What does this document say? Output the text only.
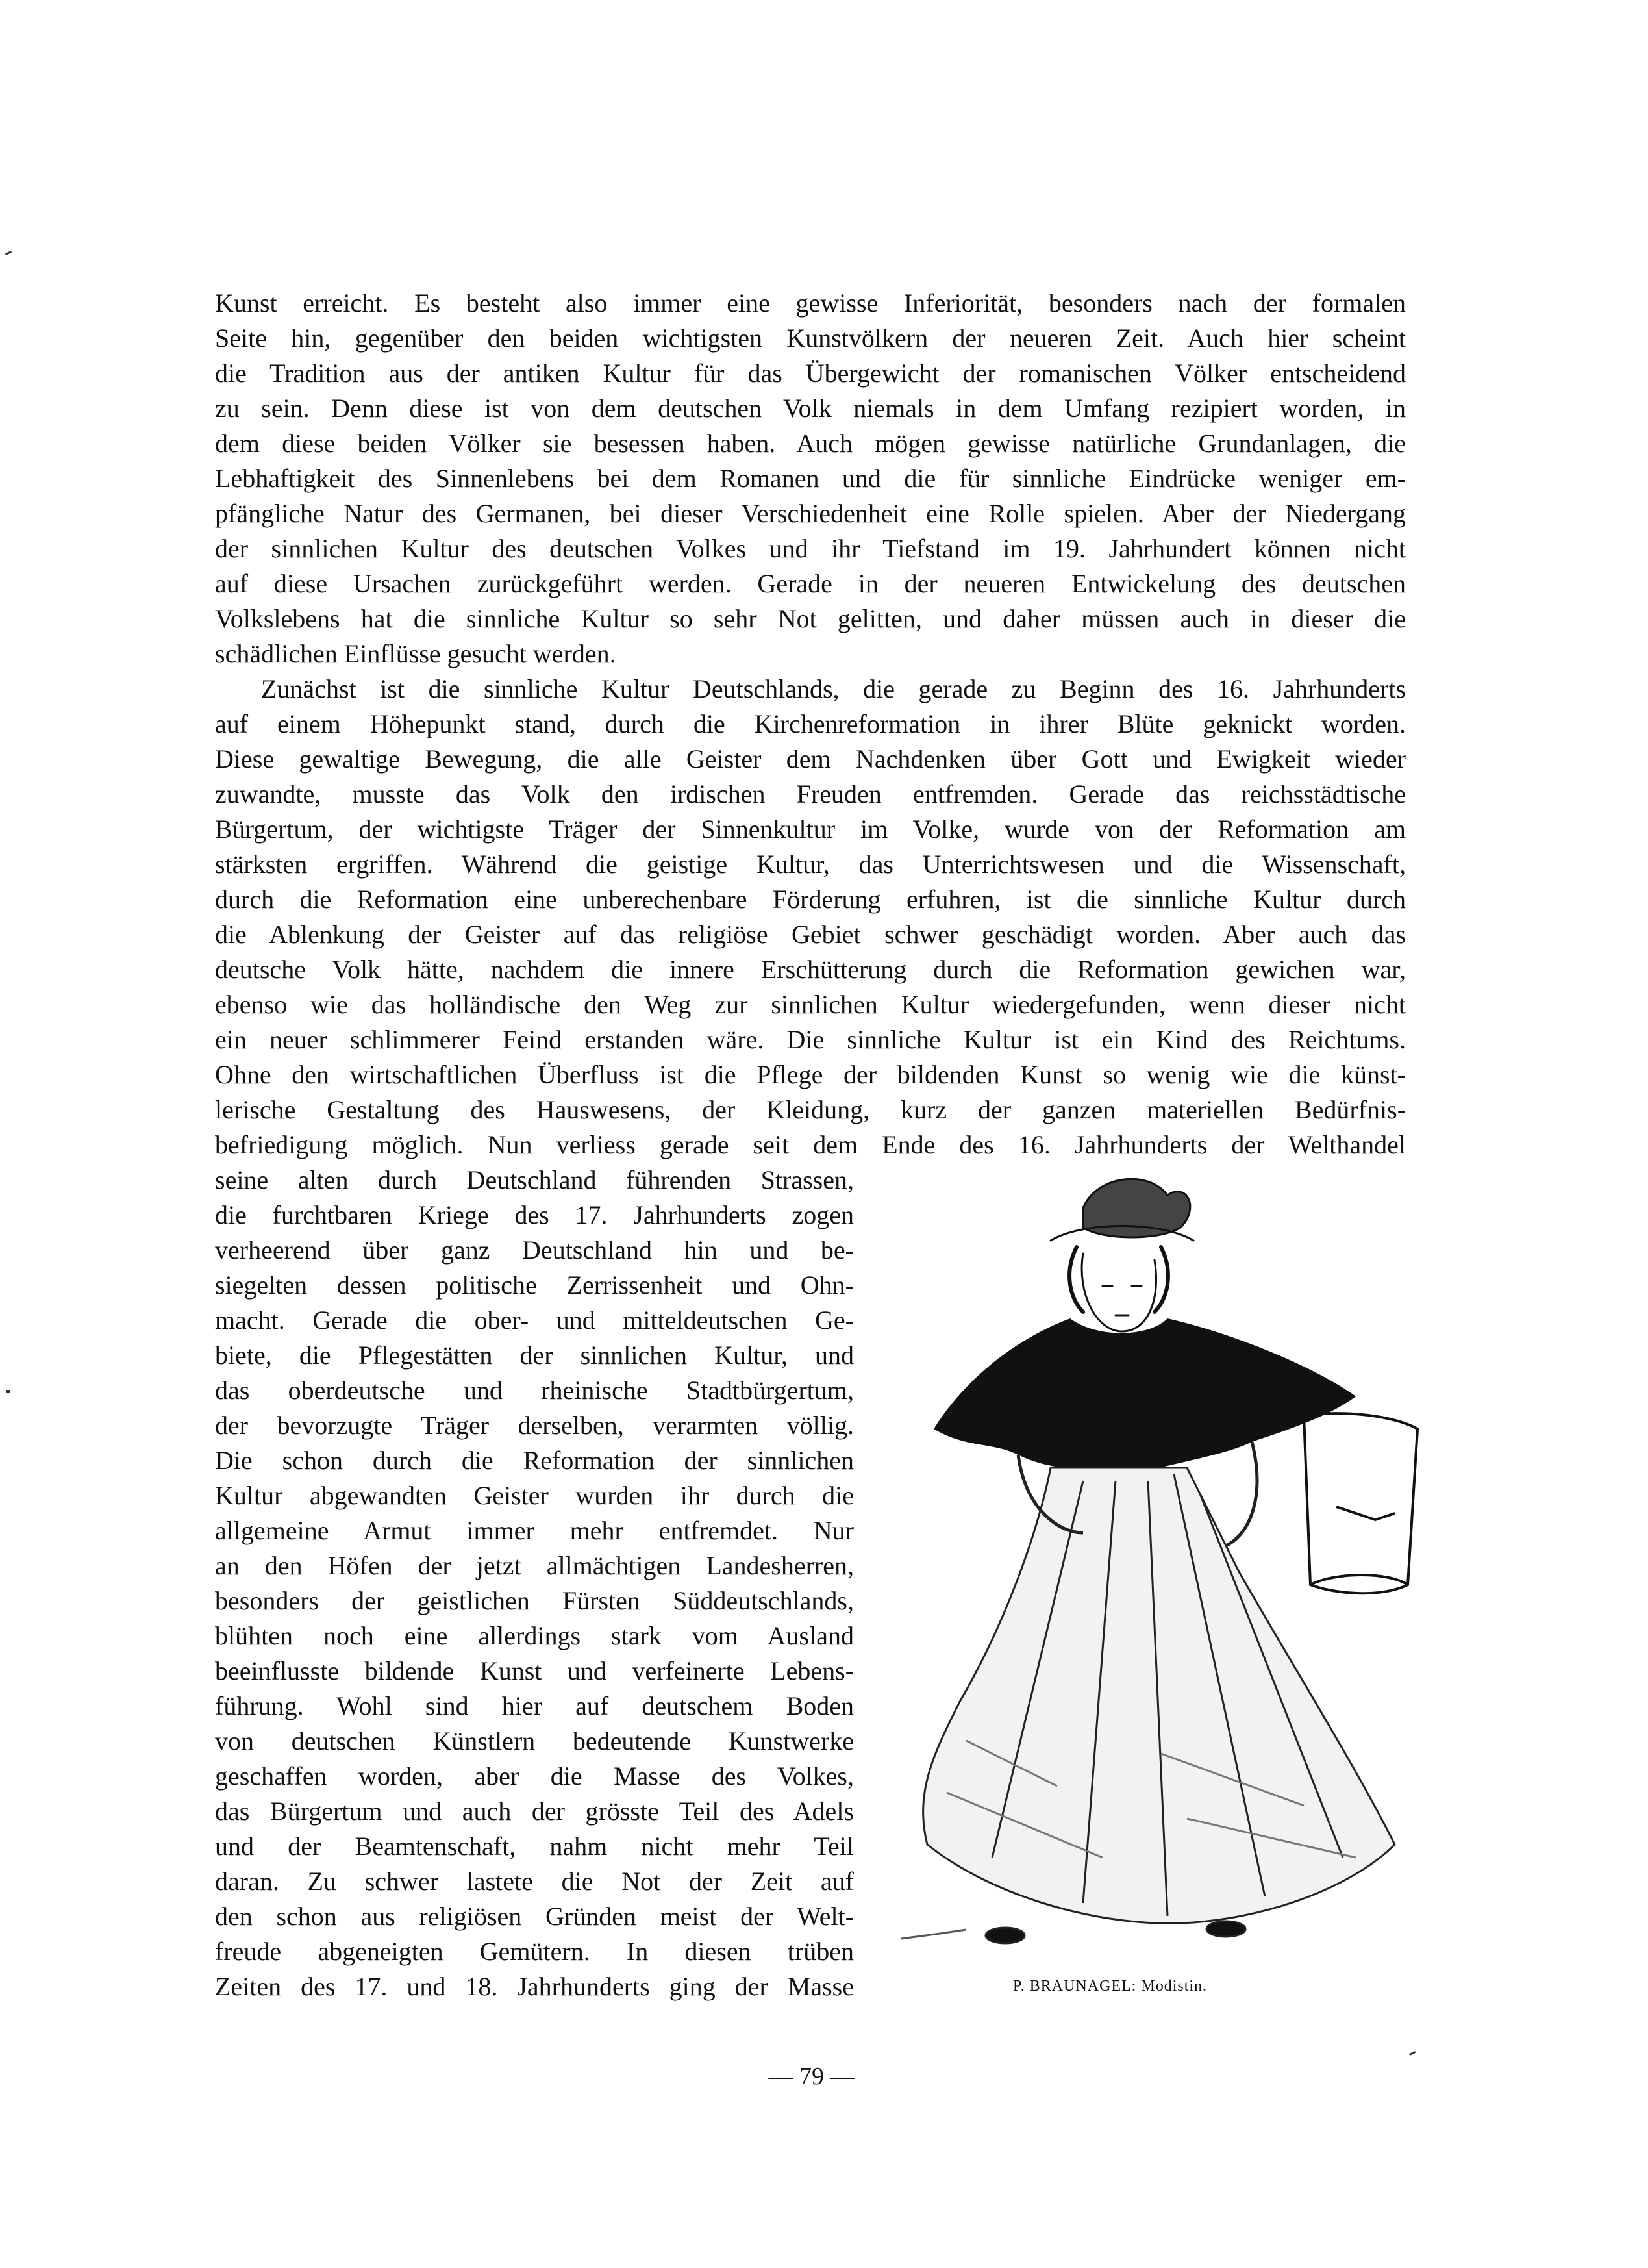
Kunst erreicht. Es besteht also immer eine gewisse Inferiorität, besonders nach der formalen
Seite hin, gegenüber den beiden wichtigsten Kunstvölkern der neueren Zeit. Auch hier scheint
die Tradition aus der antiken Kultur für das Übergewicht der romanischen Völker entscheidend
zu sein. Denn diese ist von dem deutschen Volk niemals in dem Umfang rezipiert worden, in
dem diese beiden Völker sie besessen haben. Auch mögen gewisse natürliche Grundanlagen, die
Lebhaftigkeit des Sinnenlebens bei dem Romanen und die für sinnliche Eindrücke weniger em-
pfängliche Natur des Germanen, bei dieser Verschiedenheit eine Rolle spielen. Aber der Niedergang
der sinnlichen Kultur des deutschen Volkes und ihr Tiefstand im 19. Jahrhundert können nicht
auf diese Ursachen zurückgeführt werden. Gerade in der neueren Entwickelung des deutschen
Volkslebens hat die sinnliche Kultur so sehr Not gelitten, und daher müssen auch in dieser die
schädlichen Einflüsse gesucht werden.
Zunächst ist die sinnliche Kultur Deutschlands, die gerade zu Beginn des 16. Jahrhunderts
auf einem Höhepunkt stand, durch die Kirchenreformation in ihrer Blüte geknickt worden.
Diese gewaltige Bewegung, die alle Geister dem Nachdenken über Gott und Ewigkeit wieder
zuwandte, musste das Volk den irdischen Freuden entfremden. Gerade das reichsstädtische
Bürgertum, der wichtigste Träger der Sinnenkultur im Volke, wurde von der Reformation am
stärksten ergriffen. Während die geistige Kultur, das Unterrichtswesen und die Wissenschaft,
durch die Reformation eine unberechenbare Förderung erfuhren, ist die sinnliche Kultur durch
die Ablenkung der Geister auf das religiöse Gebiet schwer geschädigt worden. Aber auch das
deutsche Volk hätte, nachdem die innere Erschütterung durch die Reformation gewichen war,
ebenso wie das holländische den Weg zur sinnlichen Kultur wiedergefunden, wenn dieser nicht
ein neuer schlimmerer Feind erstanden wäre. Die sinnliche Kultur ist ein Kind des Reichtums.
Ohne den wirtschaftlichen Überfluss ist die Pflege der bildenden Kunst so wenig wie die künst-
lerische Gestaltung des Hauswesens, der Kleidung, kurz der ganzen materiellen Bedürfnis-
befriedigung möglich. Nun verliess gerade seit dem Ende des 16. Jahrhunderts der Welthandel
seine alten durch Deutschland führenden Strassen,
die furchtbaren Kriege des 17. Jahrhunderts zogen
verheerend über ganz Deutschland hin und be-
siegelten dessen politische Zerrissenheit und Ohn-
macht. Gerade die ober- und mitteldeutschen Ge-
biete, die Pflegestätten der sinnlichen Kultur, und
das oberdeutsche und rheinische Stadtbürgertum,
der bevorzugte Träger derselben, verarmten völlig.
Die schon durch die Reformation der sinnlichen
Kultur abgewandten Geister wurden ihr durch die
allgemeine Armut immer mehr entfremdet. Nur
an den Höfen der jetzt allmächtigen Landesherren,
besonders der geistlichen Fürsten Süddeutschlands,
blühten noch eine allerdings stark vom Ausland
beeinflusste bildende Kunst und verfeinerte Lebens-
führung. Wohl sind hier auf deutschem Boden
von deutschen Künstlern bedeutende Kunstwerke
geschaffen worden, aber die Masse des Volkes,
das Bürgertum und auch der grösste Teil des Adels
und der Beamtenschaft, nahm nicht mehr Teil
daran. Zu schwer lastete die Not der Zeit auf
den schon aus religiösen Gründen meist der Welt-
freude abgeneigten Gemütern. In diesen trüben
Zeiten des 17. und 18. Jahrhunderts ging der Masse	P. BRAUNAGEL: Modistin.
— 79 —
